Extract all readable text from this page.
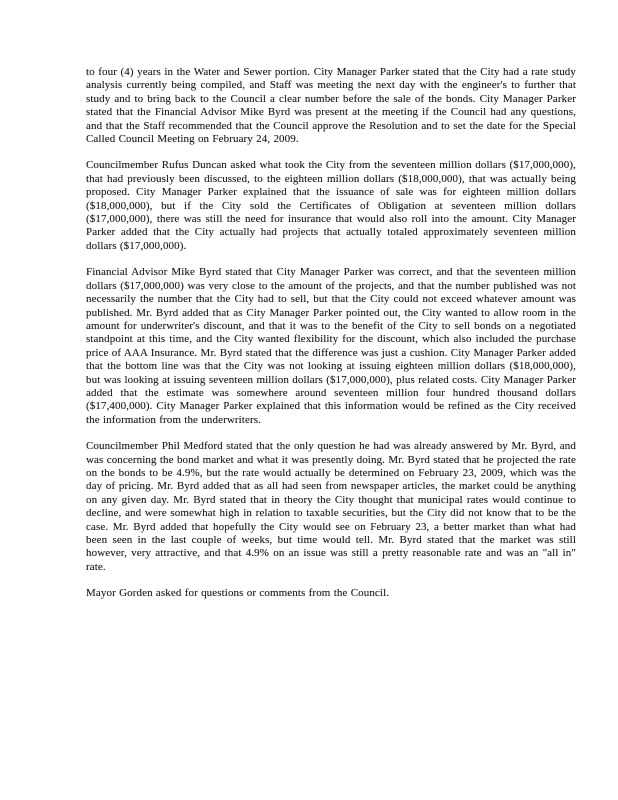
to four (4) years in the Water and Sewer portion. City Manager Parker stated that the City had a rate study analysis currently being compiled, and Staff was meeting the next day with the engineer's to further that study and to bring back to the Council a clear number before the sale of the bonds. City Manager Parker stated that the Financial Advisor Mike Byrd was present at the meeting if the Council had any questions, and that the Staff recommended that the Council approve the Resolution and to set the date for the Special Called Council Meeting on February 24, 2009.

Councilmember Rufus Duncan asked what took the City from the seventeen million dollars ($17,000,000), that had previously been discussed, to the eighteen million dollars ($18,000,000), that was actually being proposed. City Manager Parker explained that the issuance of sale was for eighteen million dollars ($18,000,000), but if the City sold the Certificates of Obligation at seventeen million dollars ($17,000,000), there was still the need for insurance that would also roll into the amount. City Manager Parker added that the City actually had projects that actually totaled approximately seventeen million dollars ($17,000,000).

Financial Advisor Mike Byrd stated that City Manager Parker was correct, and that the seventeen million dollars ($17,000,000) was very close to the amount of the projects, and that the number published was not necessarily the number that the City had to sell, but that the City could not exceed whatever amount was published. Mr. Byrd added that as City Manager Parker pointed out, the City wanted to allow room in the amount for underwriter's discount, and that it was to the benefit of the City to sell bonds on a negotiated standpoint at this time, and the City wanted flexibility for the discount, which also included the purchase price of AAA Insurance. Mr. Byrd stated that the difference was just a cushion. City Manager Parker added that the bottom line was that the City was not looking at issuing eighteen million dollars ($18,000,000), but was looking at issuing seventeen million dollars ($17,000,000), plus related costs. City Manager Parker added that the estimate was somewhere around seventeen million four hundred thousand dollars ($17,400,000). City Manager Parker explained that this information would be refined as the City received the information from the underwriters.

Councilmember Phil Medford stated that the only question he had was already answered by Mr. Byrd, and was concerning the bond market and what it was presently doing. Mr. Byrd stated that he projected the rate on the bonds to be 4.9%, but the rate would actually be determined on February 23, 2009, which was the day of pricing. Mr. Byrd added that as all had seen from newspaper articles, the market could be anything on any given day. Mr. Byrd stated that in theory the City thought that municipal rates would continue to decline, and were somewhat high in relation to taxable securities, but the City did not know that to be the case. Mr. Byrd added that hopefully the City would see on February 23, a better market than what had been seen in the last couple of weeks, but time would tell. Mr. Byrd stated that the market was still however, very attractive, and that 4.9% on an issue was still a pretty reasonable rate and was an "all in" rate.

Mayor Gorden asked for questions or comments from the Council.
